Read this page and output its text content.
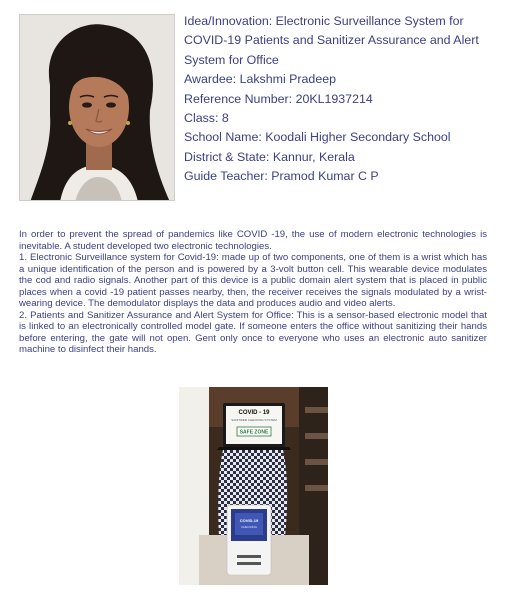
Idea/Innovation: Electronic Surveillance System for
COVID-19 Patients and Sanitizer Assurance and Alert
System for Office
Awardee: Lakshmi Pradeep
Reference Number: 20KL1937214
Class: 8
School Name: Koodali Higher Secondary School
District & State: Kannur, Kerala
Guide Teacher: Pramod Kumar C P

In order to prevent the spread of pandemics like COVID -19, the use of modern electronic technologies is inevitable. A student developed two electronic technologies.

1. Electronic Surveillance system for Covid-19: made up of two components, one of them is a wrist which has a unique identification of the person and is powered by a 3-volt button cell. This wearable device modulates the cod and radio signals. Another part of this device is a public domain alert system that is placed in public places when a covid -19 patient passes nearby, then, the receiver receives the signals modulated by a wrist-wearing device. The demodulator displays the data and produces audio and video alerts.

2. Patients and Sanitizer Assurance and Alert System for Office: This is a sensor-based electronic model that is linked to an electronically controlled model gate. If someone enters the office without sanitizing their hands before entering, the gate will not open. Gent only once to everyone who uses an electronic auto sanitizer machine to disinfect their hands.

COVID - 19
SANITIZER CHECKING SYSTEM
SAFE ZONE
COVID-19
CHECKING
